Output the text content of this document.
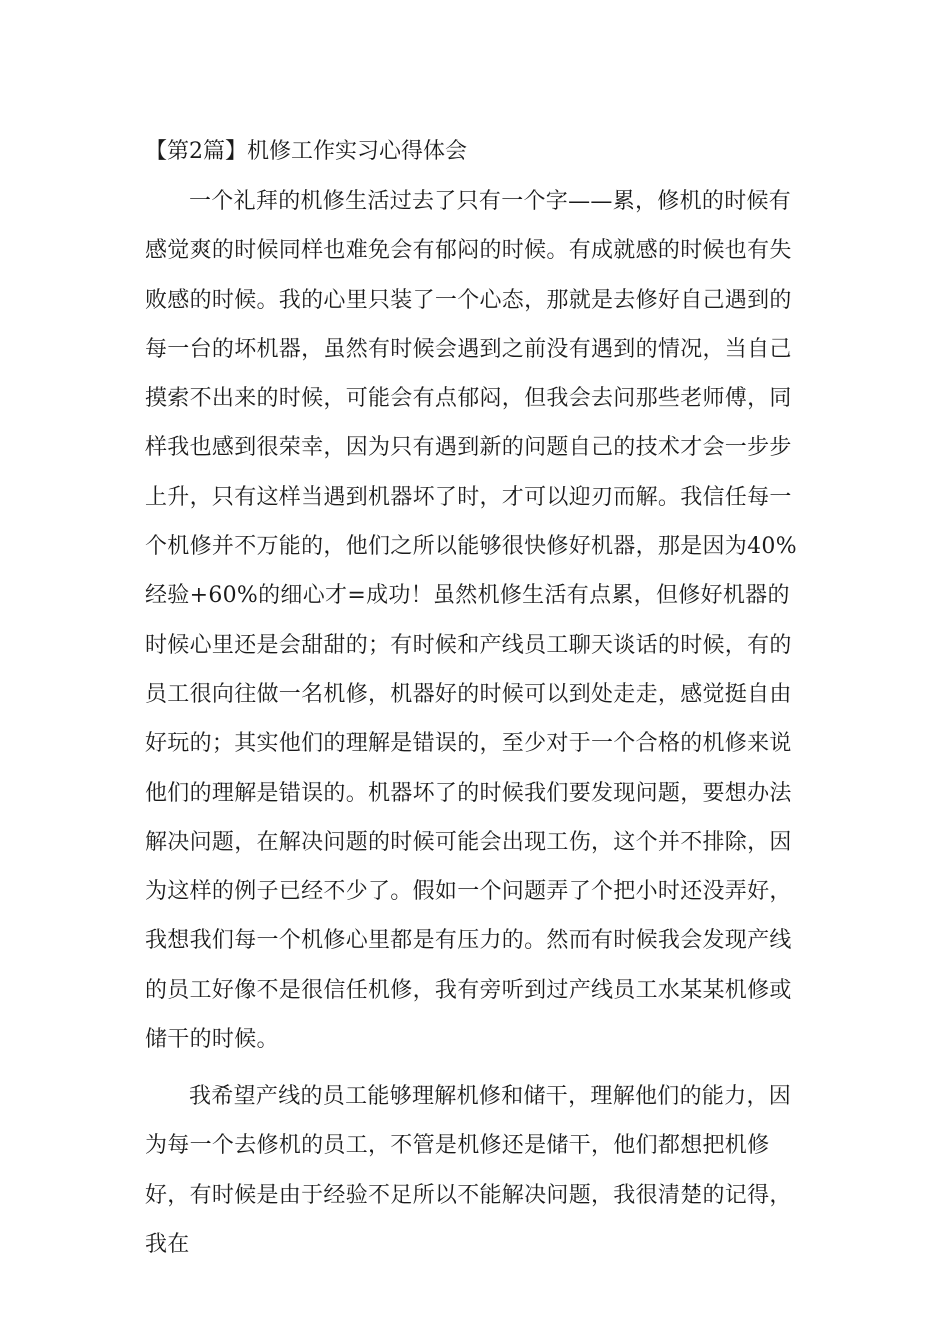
【第2篇】机修工作实习心得体会

一个礼拜的机修生活过去了只有一个字——累，修机的时候有感觉爽的时候同样也难免会有郁闷的时候。有成就感的时候也有失败感的时候。我的心里只装了一个心态，那就是去修好自己遇到的每一台的坏机器，虽然有时候会遇到之前没有遇到的情况，当自己摸索不出来的时候，可能会有点郁闷，但我会去问那些老师傅，同样我也感到很荣幸，因为只有遇到新的问题自己的技术才会一步步上升，只有这样当遇到机器坏了时，才可以迎刃而解。我信任每一个机修并不万能的，他们之所以能够很快修好机器，那是因为40%经验+60%的细心才=成功！虽然机修生活有点累，但修好机器的时候心里还是会甜甜的；有时候和产线员工聊天谈话的时候，有的员工很向往做一名机修，机器好的时候可以到处走走，感觉挺自由好玩的；其实他们的理解是错误的，至少对于一个合格的机修来说他们的理解是错误的。机器坏了的时候我们要发现问题，要想办法解决问题，在解决问题的时候可能会出现工伤，这个并不排除，因为这样的例子已经不少了。假如一个问题弄了个把小时还没弄好，我想我们每一个机修心里都是有压力的。然而有时候我会发现产线的员工好像不是很信任机修，我有旁听到过产线员工水某某机修或储干的时候。

我希望产线的员工能够理解机修和储干，理解他们的能力，因为每一个去修机的员工，不管是机修还是储干，他们都想把机修好，有时候是由于经验不足所以不能解决问题，我很清楚的记得，我在
